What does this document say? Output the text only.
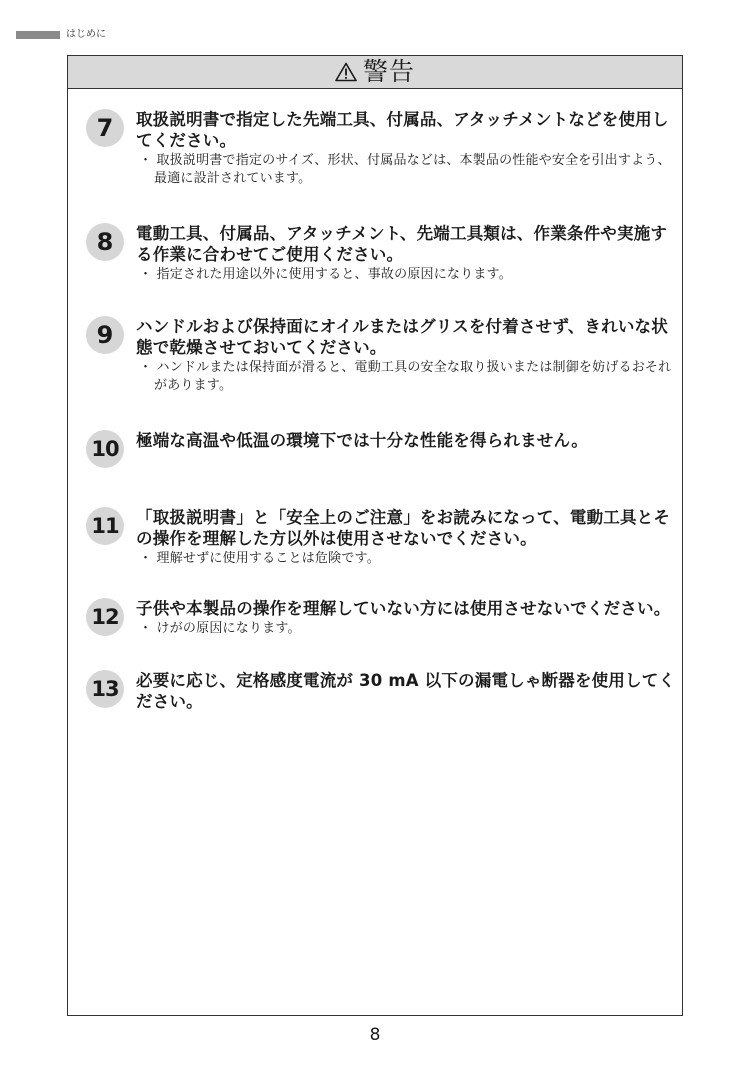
はじめに
警告
7	取扱説明書で指定した先端工具、付属品、アタッチメントなどを使用してください。
・ 取扱説明書で指定のサイズ、形状、付属品などは、本製品の性能や安全を引出すよう、最適に設計されています。
8	電動工具、付属品、アタッチメント、先端工具類は、作業条件や実施する作業に合わせてご使用ください。
・ 指定された用途以外に使用すると、事故の原因になります。
9	ハンドルおよび保持面にオイルまたはグリスを付着させず、きれいな状態で乾燥させておいてください。
・ ハンドルまたは保持面が滑ると、電動工具の安全な取り扱いまたは制御を妨げるおそれがあります。
10	極端な高温や低温の環境下では十分な性能を得られません。
11	「取扱説明書」と「安全上のご注意」をお読みになって、電動工具とその操作を理解した方以外は使用させないでください。
・ 理解せずに使用することは危険です。
12	子供や本製品の操作を理解していない方には使用させないでください。
・ けがの原因になります。
13	必要に応じ、定格感度電流が 30 mA 以下の漏電しゃ断器を使用してください。
8
